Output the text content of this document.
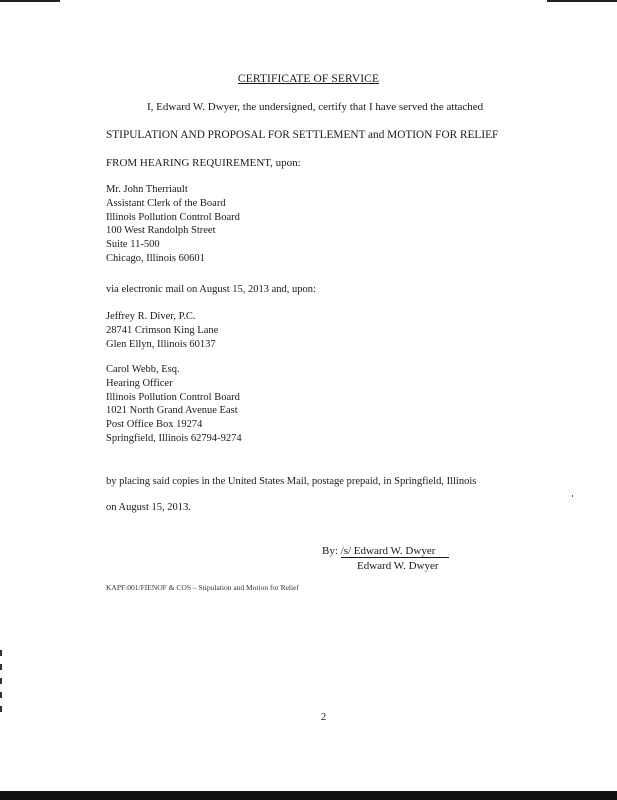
CERTIFICATE OF SERVICE
I, Edward W. Dwyer, the undersigned, certify that I have served the attached
STIPULATION AND PROPOSAL FOR SETTLEMENT and MOTION FOR RELIEF
FROM HEARING REQUIREMENT, upon:
Mr. John Therriault
Assistant Clerk of the Board
Illinois Pollution Control Board
100 West Randolph Street
Suite 11-500
Chicago, Illinois 60601
via electronic mail on August 15, 2013 and, upon:
Jeffrey R. Diver, P.C.
28741 Crimson King Lane
Glen Ellyn, Illinois 60137
Carol Webb, Esq.
Hearing Officer
Illinois Pollution Control Board
1021 North Grand Avenue East
Post Office Box 19274
Springfield, Illinois 62794-9274
by placing said copies in the United States Mail, postage prepaid, in Springfield, Illinois
on August 15, 2013.
By: /s/ Edward W. Dwyer
Edward W. Dwyer
KAPF:001/FIENOF & COS – Stipulation and Motion for Relief
2
